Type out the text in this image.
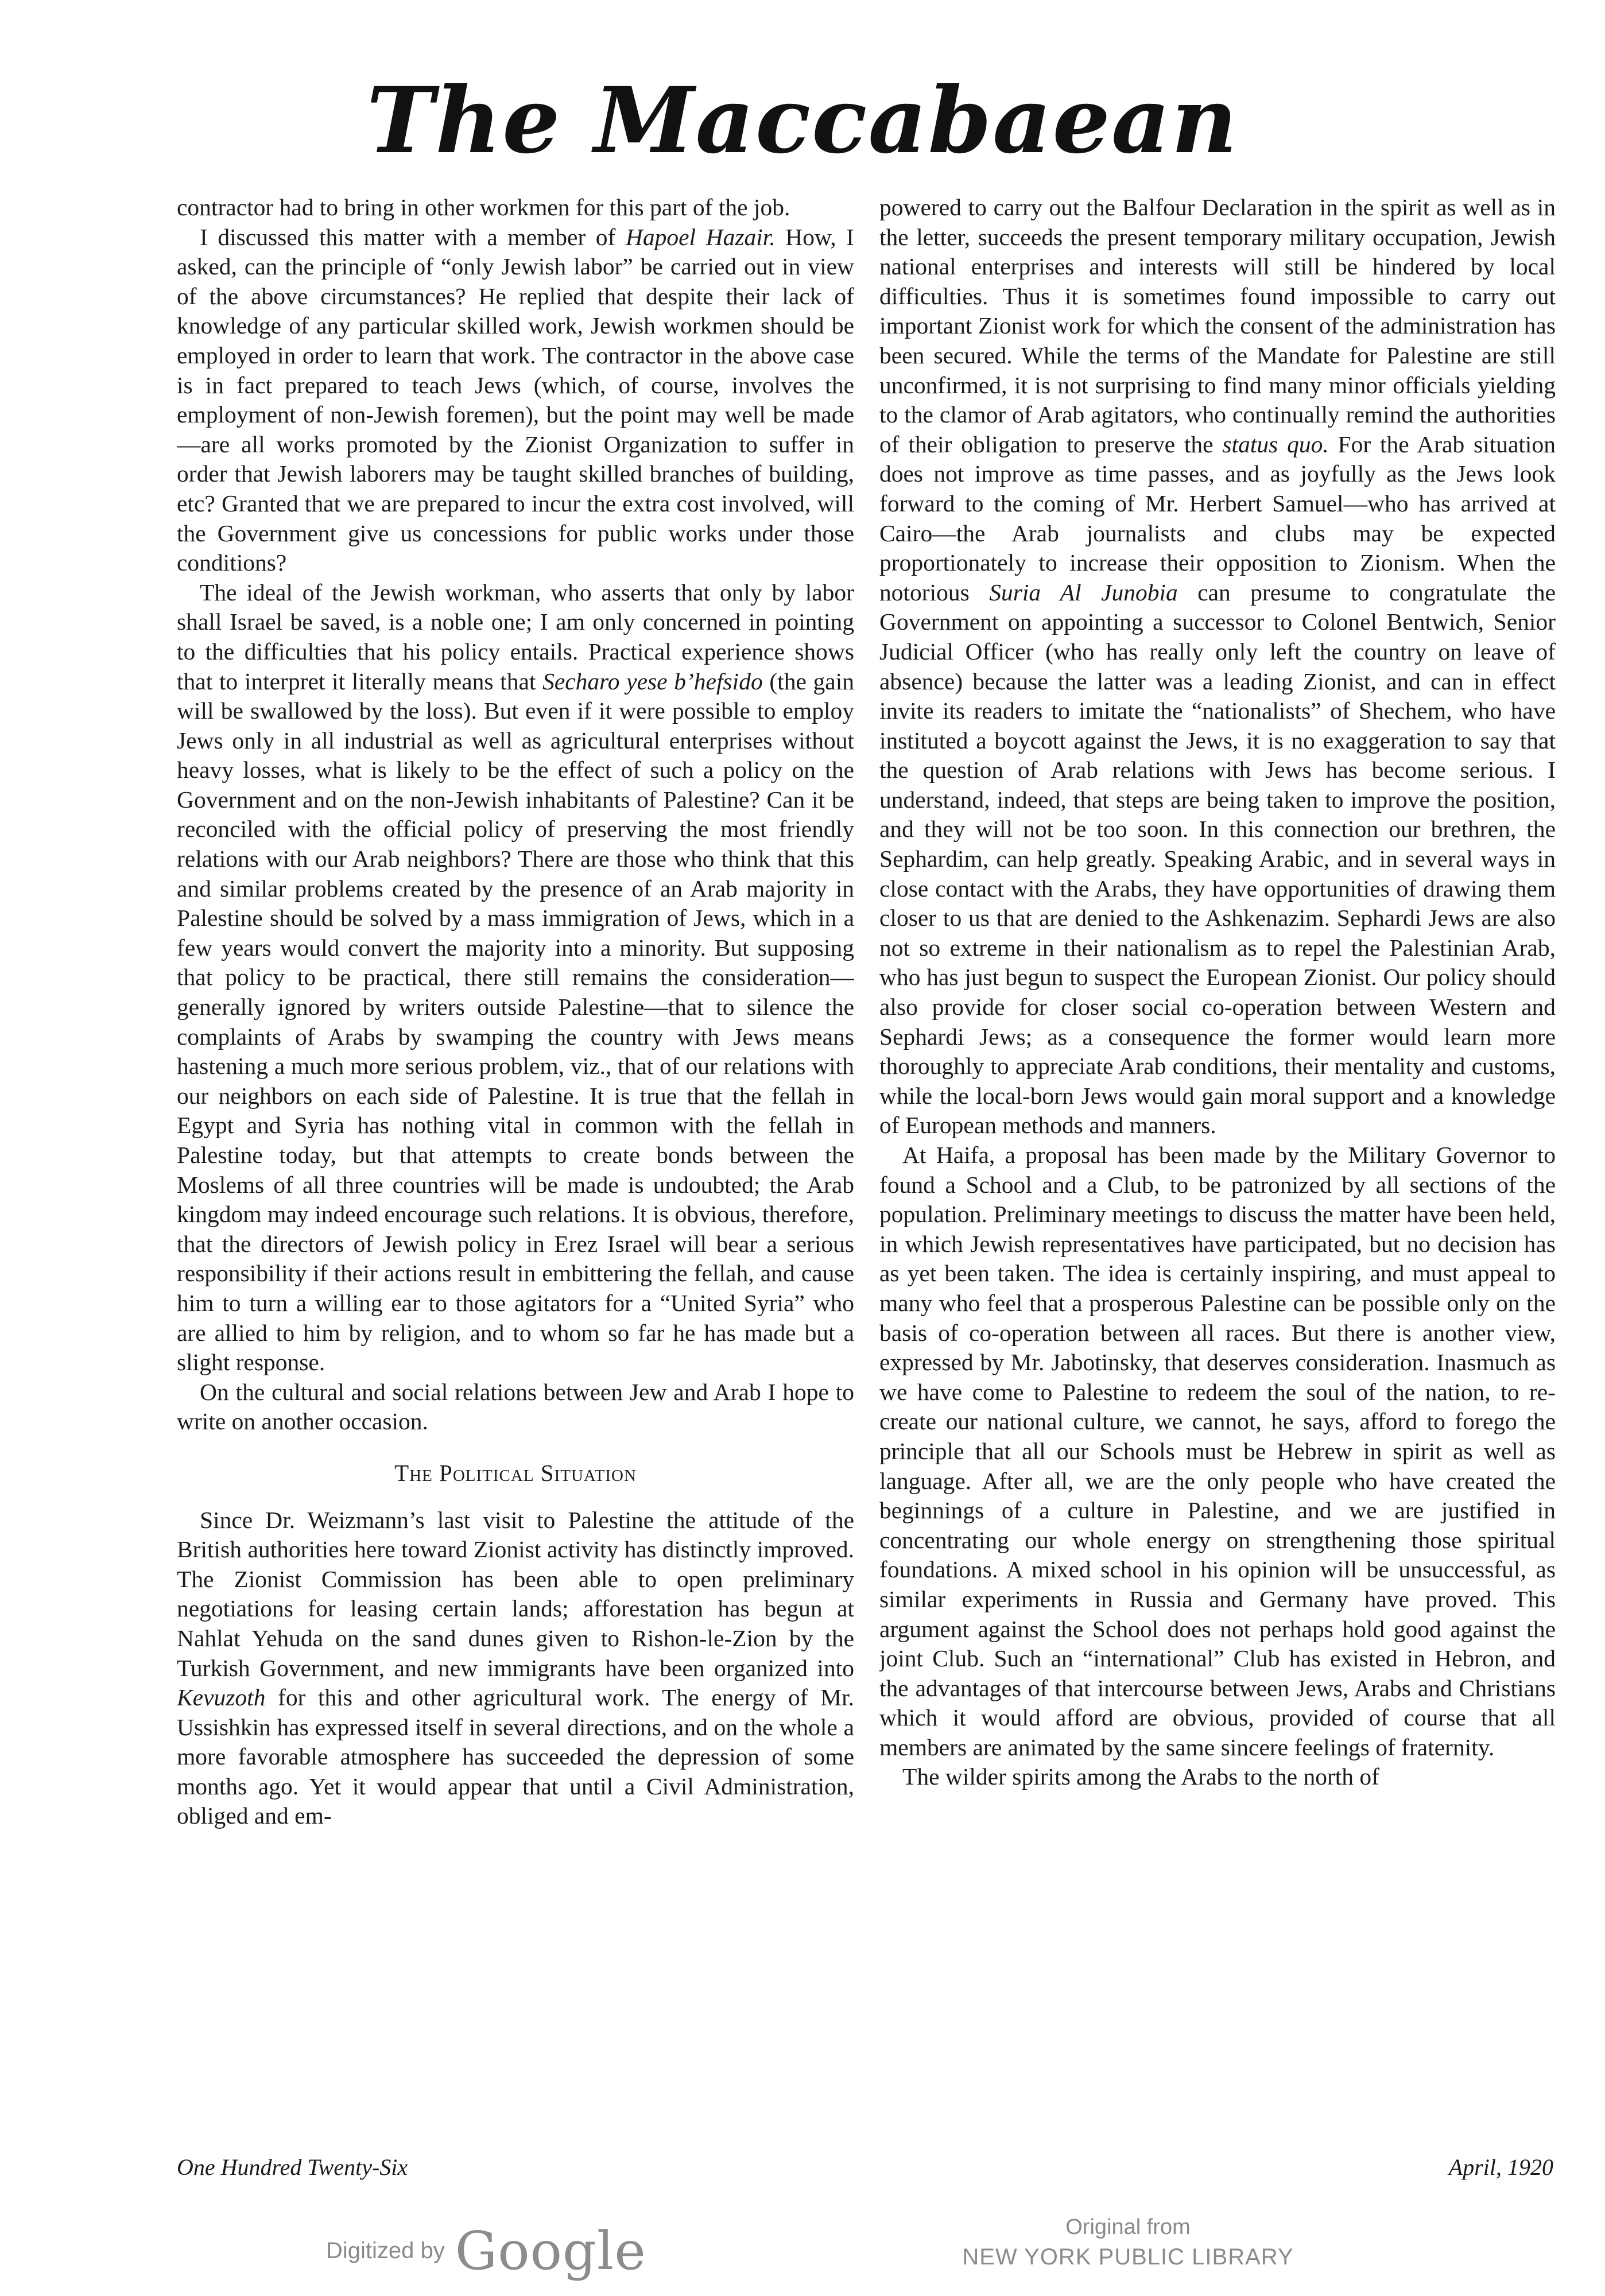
The Maccabaean

contractor had to bring in other workmen for this part of the job.

I discussed this matter with a member of Hapoel Hazair. How, I asked, can the principle of “only Jewish labor” be carried out in view of the above circumstances? He replied that despite their lack of knowledge of any particular skilled work, Jewish workmen should be employed in order to learn that work. The contractor in the above case is in fact prepared to teach Jews (which, of course, involves the employment of non-Jewish foremen), but the point may well be made—are all works promoted by the Zionist Organization to suffer in order that Jewish laborers may be taught skilled branches of building, etc? Granted that we are prepared to incur the extra cost involved, will the Government give us concessions for public works under those conditions?

The ideal of the Jewish workman, who asserts that only by labor shall Israel be saved, is a noble one; I am only concerned in pointing to the difficulties that his policy entails. Practical experience shows that to interpret it literally means that Secharo yese b’hefsido (the gain will be swallowed by the loss). But even if it were possible to employ Jews only in all industrial as well as agricultural enterprises without heavy losses, what is likely to be the effect of such a policy on the Government and on the non-Jewish inhabitants of Palestine? Can it be reconciled with the official policy of preserving the most friendly relations with our Arab neighbors? There are those who think that this and similar problems created by the presence of an Arab majority in Palestine should be solved by a mass immigration of Jews, which in a few years would convert the majority into a minority. But supposing that policy to be practical, there still remains the consideration—generally ignored by writers outside Palestine—that to silence the complaints of Arabs by swamping the country with Jews means hastening a much more serious problem, viz., that of our relations with our neighbors on each side of Palestine. It is true that the fellah in Egypt and Syria has nothing vital in common with the fellah in Palestine today, but that attempts to create bonds between the Moslems of all three countries will be made is undoubted; the Arab kingdom may indeed encourage such relations. It is obvious, therefore, that the directors of Jewish policy in Erez Israel will bear a serious responsibility if their actions result in embittering the fellah, and cause him to turn a willing ear to those agitators for a “United Syria” who are allied to him by religion, and to whom so far he has made but a slight response.

On the cultural and social relations between Jew and Arab I hope to write on another occasion.

The Political Situation

Since Dr. Weizmann’s last visit to Palestine the attitude of the British authorities here toward Zionist activity has distinctly improved. The Zionist Commission has been able to open preliminary negotiations for leasing certain lands; afforestation has begun at Nahlat Yehuda on the sand dunes given to Rishon-le-Zion by the Turkish Government, and new immigrants have been organized into Kevuzoth for this and other agricultural work. The energy of Mr. Ussishkin has expressed itself in several directions, and on the whole a more favorable atmosphere has succeeded the depression of some months ago. Yet it would appear that until a Civil Administration, obliged and em-

powered to carry out the Balfour Declaration in the spirit as well as in the letter, succeeds the present temporary military occupation, Jewish national enterprises and interests will still be hindered by local difficulties. Thus it is sometimes found impossible to carry out important Zionist work for which the consent of the administration has been secured. While the terms of the Mandate for Palestine are still unconfirmed, it is not surprising to find many minor officials yielding to the clamor of Arab agitators, who continually remind the authorities of their obligation to preserve the status quo. For the Arab situation does not improve as time passes, and as joyfully as the Jews look forward to the coming of Mr. Herbert Samuel—who has arrived at Cairo—the Arab journalists and clubs may be expected proportionately to increase their opposition to Zionism. When the notorious Suria Al Junobia can presume to congratulate the Government on appointing a successor to Colonel Bentwich, Senior Judicial Officer (who has really only left the country on leave of absence) because the latter was a leading Zionist, and can in effect invite its readers to imitate the “nationalists” of Shechem, who have instituted a boycott against the Jews, it is no exaggeration to say that the question of Arab relations with Jews has become serious. I understand, indeed, that steps are being taken to improve the position, and they will not be too soon. In this connection our brethren, the Sephardim, can help greatly. Speaking Arabic, and in several ways in close contact with the Arabs, they have opportunities of drawing them closer to us that are denied to the Ashkenazim. Sephardi Jews are also not so extreme in their nationalism as to repel the Palestinian Arab, who has just begun to suspect the European Zionist. Our policy should also provide for closer social co-operation between Western and Sephardi Jews; as a consequence the former would learn more thoroughly to appreciate Arab conditions, their mentality and customs, while the local-born Jews would gain moral support and a knowledge of European methods and manners.

At Haifa, a proposal has been made by the Military Governor to found a School and a Club, to be patronized by all sections of the population. Preliminary meetings to discuss the matter have been held, in which Jewish representatives have participated, but no decision has as yet been taken. The idea is certainly inspiring, and must appeal to many who feel that a prosperous Palestine can be possible only on the basis of co-operation between all races. But there is another view, expressed by Mr. Jabotinsky, that deserves consideration. Inasmuch as we have come to Palestine to redeem the soul of the nation, to re-create our national culture, we cannot, he says, afford to forego the principle that all our Schools must be Hebrew in spirit as well as language. After all, we are the only people who have created the beginnings of a culture in Palestine, and we are justified in concentrating our whole energy on strengthening those spiritual foundations. A mixed school in his opinion will be unsuccessful, as similar experiments in Russia and Germany have proved. This argument against the School does not perhaps hold good against the joint Club. Such an “international” Club has existed in Hebron, and the advantages of that intercourse between Jews, Arabs and Christians which it would afford are obvious, provided of course that all members are animated by the same sincere feelings of fraternity.

The wilder spirits among the Arabs to the north of

One Hundred Twenty-Six	April, 1920
Digitized by Google	Original from
NEW YORK PUBLIC LIBRARY
